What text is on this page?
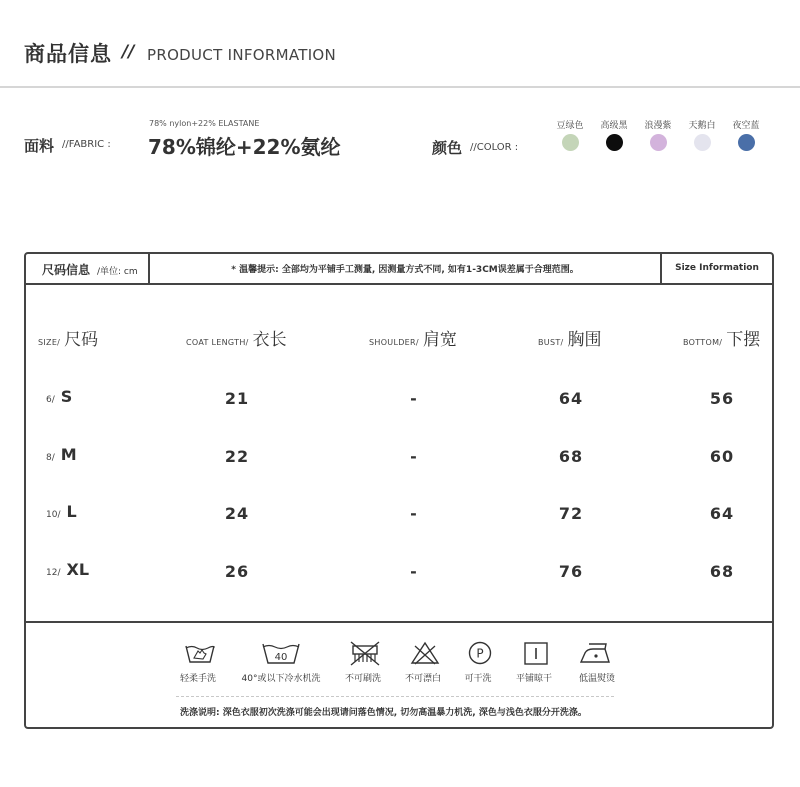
商品信息 // PRODUCT INFORMATION
78% nylon+22% ELASTANE
面料 //FABRIC : 78%锦纶+22%氨纶	颜色 //COLOR :
豆绿色	高级黑	浪漫紫	天鹅白	夜空蓝
尺码信息 /单位: cm	* 温馨提示: 全部均为平铺手工测量, 因测量方式不同, 如有1-3CM误差属于合理范围。	Size Information
SIZE/ 尺码	COAT LENGTH/ 衣长	SHOULDER/ 肩宽	BUST/ 胸围	BOTTOM/ 下摆
6/ S	21	-	64	56
8/ M	22	-	68	60
10/ L	24	-	72	64
12/ XL	26	-	76	68
40	P
轻柔手洗	40°或以下冷水机洗	不可刷洗	不可漂白	可干洗	平铺晾干	低温熨烫
洗涤说明: 深色衣服初次洗涤可能会出现请问落色情况, 切勿高温暴力机洗, 深色与浅色衣服分开洗涤。
